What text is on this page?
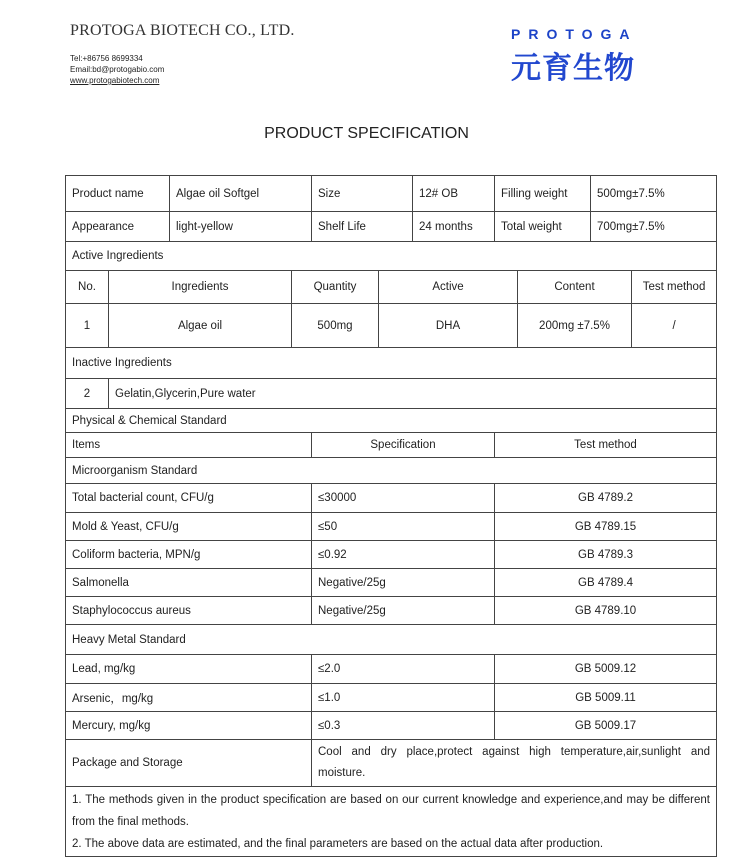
PROTOGA BIOTECH CO., LTD.
Tel:+86756 8699334
Email:bd@protogabio.com
www.protogabiotech.com
PROTOGA
元育生物
PRODUCT SPECIFICATION
Product name	Algae oil Softgel	Size	12# OB	Filling weight	500mg±7.5%
Appearance	light-yellow	Shelf Life	24 months	Total weight	700mg±7.5%
Active Ingredients					
No.	Ingredients	Quantity	Active	Content	Test method
1	Algae oil	500mg	DHA	200mg ±7.5%	/
Inactive Ingredients
2	Gelatin,Glycerin,Pure water
Physical & Chemical Standard		
Items	Specification	Test method
Microorganism Standard		
Total bacterial count, CFU/g	≤30000	GB 4789.2
Mold & Yeast, CFU/g	≤50	GB 4789.15
Coliform bacteria, MPN/g	≤0.92	GB 4789.3
Salmonella	Negative/25g	GB 4789.4
Staphylococcus aureus	Negative/25g	GB 4789.10
Heavy Metal Standard		
Lead, mg/kg	≤2.0	GB 5009.12
Arsenic，mg/kg	≤1.0	GB 5009.11
Mercury, mg/kg	≤0.3	GB 5009.17
Package and Storage	Cool and dry place,protect against high temperature,air,sunlight and moisture.	

1. The methods given in the product specification are based on our current knowledge and experience,and may be different from the final methods.
2. The above data are estimated, and the final parameters are based on the actual data after production.		
